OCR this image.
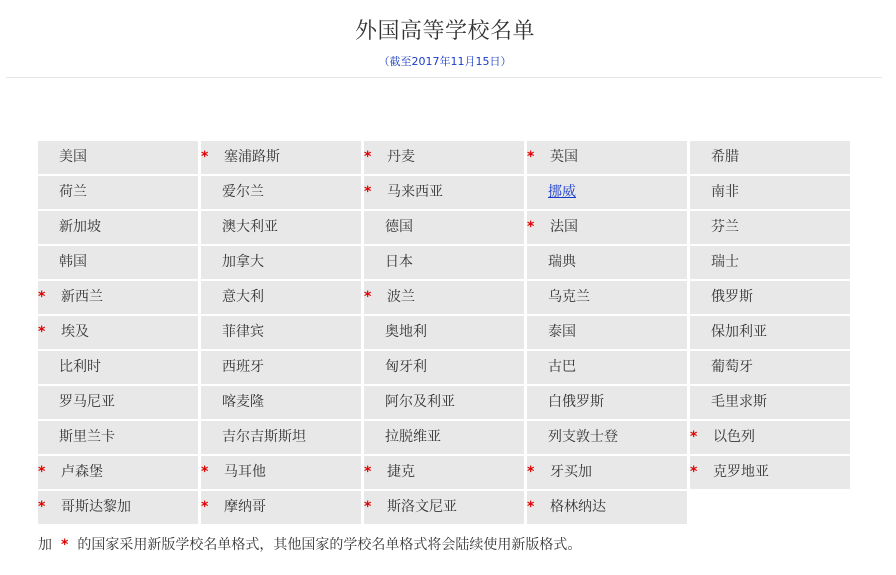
外国高等学校名单
（截至2017年11月15日）
美国	* 塞浦路斯	* 丹麦	* 英国	希腊
荷兰	爱尔兰	* 马来西亚	挪威	南非
新加坡	澳大利亚	德国	* 法国	芬兰
韩国	加拿大	日本	瑞典	瑞士
* 新西兰	意大利	* 波兰	乌克兰	俄罗斯
* 埃及	菲律宾	奥地利	泰国	保加利亚
比利时	西班牙	匈牙利	古巴	葡萄牙
罗马尼亚	喀麦隆	阿尔及利亚	白俄罗斯	毛里求斯
斯里兰卡	吉尔吉斯斯坦	拉脱维亚	列支敦士登	* 以色列
* 卢森堡	* 马耳他	* 捷克	* 牙买加	* 克罗地亚
* 哥斯达黎加	* 摩纳哥	* 斯洛文尼亚	* 格林纳达
加 * 的国家采用新版学校名单格式，其他国家的学校名单格式将会陆续使用新版格式。
